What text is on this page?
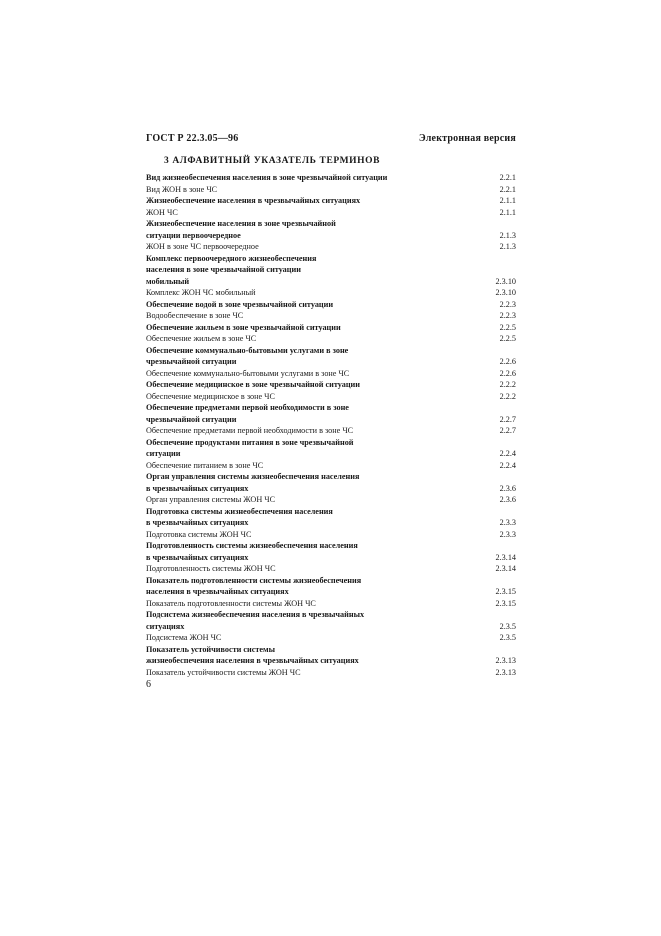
ГОСТ Р 22.3.05—96	Электронная версия
3 АЛФАВИТНЫЙ УКАЗАТЕЛЬ ТЕРМИНОВ
Вид жизнеобеспечения населения в зоне чрезвычайной ситуации	2.2.1
Вид ЖОН в зоне ЧС	2.2.1
Жизнеобеспечение населения в чрезвычайных ситуациях	2.1.1
ЖОН ЧС	2.1.1
Жизнеобеспечение населения в зоне чрезвычайной
ситуации первоочередное	2.1.3
ЖОН в зоне ЧС первоочередное	2.1.3
Комплекс первоочередного жизнеобеспечения
населения в зоне чрезвычайной ситуации
мобильный	2.3.10
Комплекс ЖОН ЧС мобильный	2.3.10
Обеспечение водой в зоне чрезвычайной ситуации	2.2.3
Водообеспечение в зоне ЧС	2.2.3
Обеспечение жильем в зоне чрезвычайной ситуации	2.2.5
Обеспечение жильем в зоне ЧС	2.2.5
Обеспечение коммунально-бытовыми услугами в зоне
чрезвычайной ситуации	2.2.6
Обеспечение коммунально-бытовыми услугами в зоне ЧС	2.2.6
Обеспечение медицинское в зоне чрезвычайной ситуации	2.2.2
Обеспечение медицинское в зоне ЧС	2.2.2
Обеспечение предметами первой необходимости в зоне
чрезвычайной ситуации	2.2.7
Обеспечение предметами первой необходимости в зоне ЧС	2.2.7
Обеспечение продуктами питания в зоне чрезвычайной
ситуации	2.2.4
Обеспечение питанием в зоне ЧС	2.2.4
Орган управления системы жизнеобеспечения населения
в чрезвычайных ситуациях	2.3.6
Орган управления системы ЖОН ЧС	2.3.6
Подготовка системы жизнеобеспечения населения
в чрезвычайных ситуациях	2.3.3
Подготовка системы ЖОН ЧС	2.3.3
Подготовленность системы жизнеобеспечения населения
в чрезвычайных ситуациях	2.3.14
Подготовленность системы ЖОН ЧС	2.3.14
Показатель подготовленности системы жизнеобеспечения
населения в чрезвычайных ситуациях	2.3.15
Показатель подготовленности системы ЖОН ЧС	2.3.15
Подсистема жизнеобеспечения населения в чрезвычайных
ситуациях	2.3.5
Подсистема ЖОН ЧС	2.3.5
Показатель устойчивости системы
жизнеобеспечения населения в чрезвычайных ситуациях	2.3.13
Показатель устойчивости системы ЖОН ЧС	2.3.13
6
